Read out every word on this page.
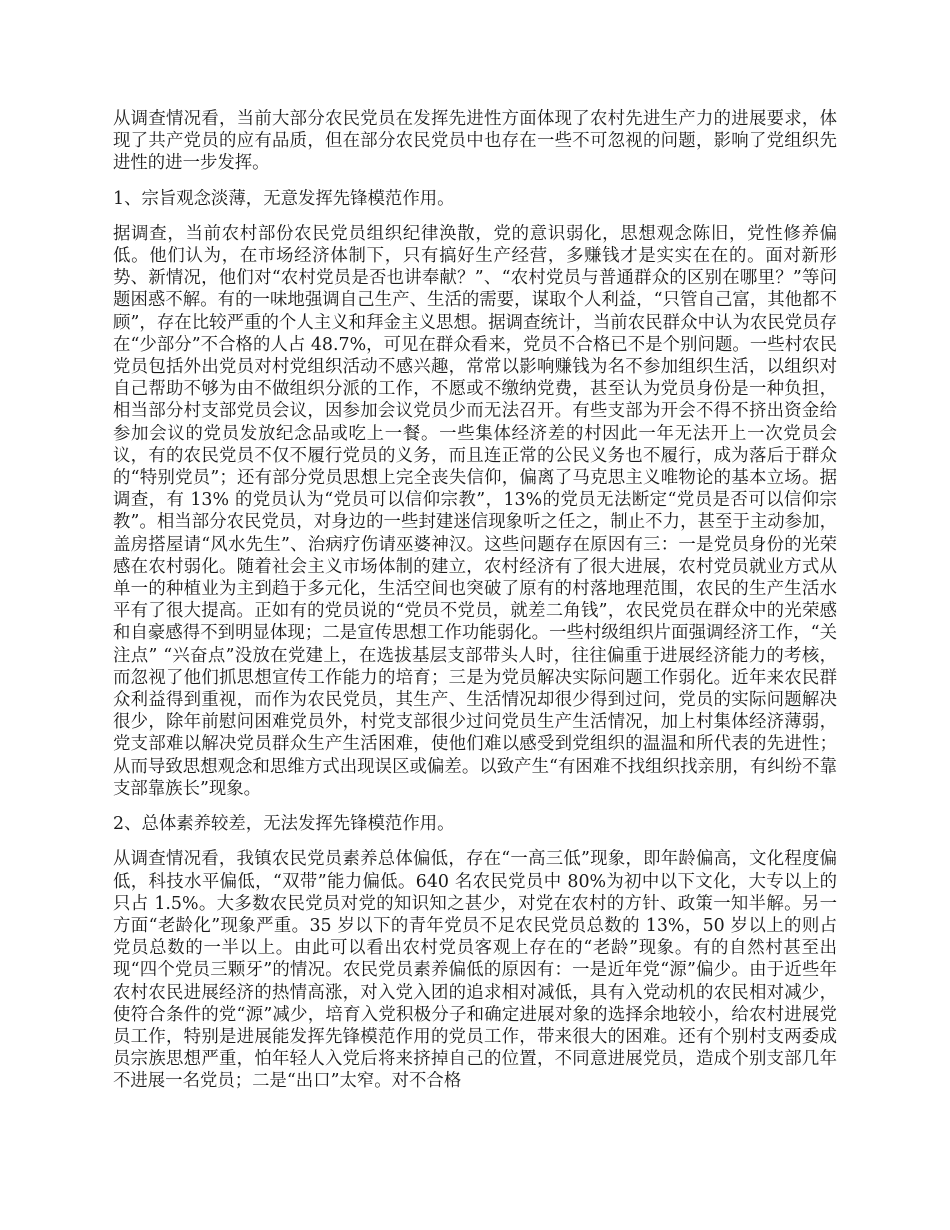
从调查情况看，当前大部分农民党员在发挥先进性方面体现了农村先进生产力的进展要求，体现了共产党员的应有品质，但在部分农民党员中也存在一些不可忽视的问题，影响了党组织先进性的进一步发挥。

1、宗旨观念淡薄，无意发挥先锋模范作用。

据调查，当前农村部份农民党员组织纪律涣散，党的意识弱化，思想观念陈旧，党性修养偏低。他们认为，在市场经济体制下，只有搞好生产经营，多赚钱才是实实在在的。面对新形势、新情况，他们对“农村党员是否也讲奉献？”、“农村党员与普通群众的区别在哪里？”等问题困惑不解。有的一味地强调自己生产、生活的需要，谋取个人利益，“只管自己富，其他都不顾”，存在比较严重的个人主义和拜金主义思想。据调查统计，当前农民群众中认为农民党员存在“少部分”不合格的人占 48.7%，可见在群众看来，党员不合格已不是个别问题。一些村农民党员包括外出党员对村党组织活动不感兴趣，常常以影响赚钱为名不参加组织生活，以组织对自己帮助不够为由不做组织分派的工作，不愿或不缴纳党费，甚至认为党员身份是一种负担，相当部分村支部党员会议，因参加会议党员少而无法召开。有些支部为开会不得不挤出资金给参加会议的党员发放纪念品或吃上一餐。一些集体经济差的村因此一年无法开上一次党员会议，有的农民党员不仅不履行党员的义务，而且连正常的公民义务也不履行，成为落后于群众的“特别党员”；还有部分党员思想上完全丧失信仰，偏离了马克思主义唯物论的基本立场。据调查，有 13% 的党员认为“党员可以信仰宗教”，13%的党员无法断定“党员是否可以信仰宗教”。相当部分农民党员，对身边的一些封建迷信现象听之任之，制止不力，甚至于主动参加，盖房搭屋请“风水先生”、治病疗伤请巫婆神汉。这些问题存在原因有三：一是党员身份的光荣感在农村弱化。随着社会主义市场体制的建立，农村经济有了很大进展，农村党员就业方式从单一的种植业为主到趋于多元化，生活空间也突破了原有的村落地理范围，农民的生产生活水平有了很大提高。正如有的党员说的“党员不党员，就差二角钱”，农民党员在群众中的光荣感和自豪感得不到明显体现；二是宣传思想工作功能弱化。一些村级组织片面强调经济工作，“关注点” “兴奋点”没放在党建上，在选拔基层支部带头人时，往往偏重于进展经济能力的考核，而忽视了他们抓思想宣传工作能力的培育；三是为党员解决实际问题工作弱化。近年来农民群众利益得到重视，而作为农民党员，其生产、生活情况却很少得到过问，党员的实际问题解决很少，除年前慰问困难党员外，村党支部很少过问党员生产生活情况，加上村集体经济薄弱，党支部难以解决党员群众生产生活困难，使他们难以感受到党组织的温温和所代表的先进性；从而导致思想观念和思维方式出现误区或偏差。以致产生“有困难不找组织找亲朋，有纠纷不靠支部靠族长”现象。

2、总体素养较差，无法发挥先锋模范作用。

从调查情况看，我镇农民党员素养总体偏低，存在“一高三低”现象，即年龄偏高，文化程度偏低，科技水平偏低，“双带”能力偏低。640 名农民党员中 80%为初中以下文化，大专以上的只占 1.5%。大多数农民党员对党的知识知之甚少，对党在农村的方针、政策一知半解。另一方面“老龄化”现象严重。35 岁以下的青年党员不足农民党员总数的 13%，50 岁以上的则占党员总数的一半以上。由此可以看出农村党员客观上存在的“老龄”现象。有的自然村甚至出现“四个党员三颗牙”的情况。农民党员素养偏低的原因有：一是近年党“源”偏少。由于近些年农村农民进展经济的热情高涨，对入党入团的追求相对减低，具有入党动机的农民相对减少，使符合条件的党“源”减少，培育入党积极分子和确定进展对象的选择余地较小，给农村进展党员工作，特别是进展能发挥先锋模范作用的党员工作，带来很大的困难。还有个别村支两委成员宗族思想严重，怕年轻人入党后将来挤掉自己的位置，不同意进展党员，造成个别支部几年不进展一名党员；二是“出口”太窄。对不合格
